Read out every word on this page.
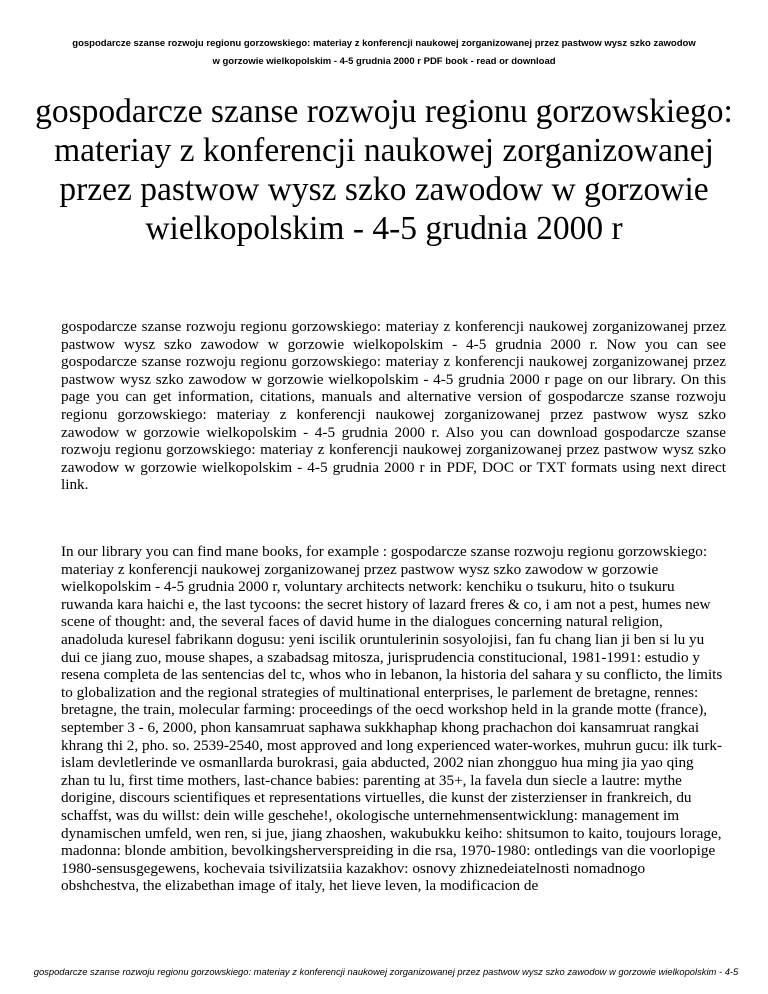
gospodarcze szanse rozwoju regionu gorzowskiego: materiay z konferencji naukowej zorganizowanej przez pastwow wysz szko zawodow
w gorzowie wielkopolskim - 4-5 grudnia 2000 r PDF book - read or download
gospodarcze szanse rozwoju regionu gorzowskiego: materiay z konferencji naukowej zorganizowanej przez pastwow wysz szko zawodow w gorzowie wielkopolskim - 4-5 grudnia 2000 r

gospodarcze szanse rozwoju regionu gorzowskiego: materiay z konferencji naukowej zorganizowanej przez pastwow wysz szko zawodow w gorzowie wielkopolskim - 4-5 grudnia 2000 r. Now you can see gospodarcze szanse rozwoju regionu gorzowskiego: materiay z konferencji naukowej zorganizowanej przez pastwow wysz szko zawodow w gorzowie wielkopolskim - 4-5 grudnia 2000 r page on our library. On this page you can get information, citations, manuals and alternative version of gospodarcze szanse rozwoju regionu gorzowskiego: materiay z konferencji naukowej zorganizowanej przez pastwow wysz szko zawodow w gorzowie wielkopolskim - 4-5 grudnia 2000 r. Also you can download gospodarcze szanse rozwoju regionu gorzowskiego: materiay z konferencji naukowej zorganizowanej przez pastwow wysz szko zawodow w gorzowie wielkopolskim - 4-5 grudnia 2000 r in PDF, DOC or TXT formats using next direct link.

In our library you can find mane books, for example : gospodarcze szanse rozwoju regionu gorzowskiego: materiay z konferencji naukowej zorganizowanej przez pastwow wysz szko zawodow w gorzowie wielkopolskim - 4-5 grudnia 2000 r, voluntary architects network: kenchiku o tsukuru, hito o tsukuru ruwanda kara haichi e, the last tycoons: the secret history of lazard freres & co, i am not a pest, humes new scene of thought: and, the several faces of david hume in the dialogues concerning natural religion, anadoluda kuresel fabrikann dogusu: yeni iscilik oruntulerinin sosyolojisi, fan fu chang lian ji ben si lu yu dui ce jiang zuo, mouse shapes, a szabadsag mitosza, jurisprudencia constitucional, 1981-1991: estudio y resena completa de las sentencias del tc, whos who in lebanon, la historia del sahara y su conflicto, the limits to globalization and the regional strategies of multinational enterprises, le parlement de bretagne, rennes: bretagne, the train, molecular farming: proceedings of the oecd workshop held in la grande motte (france), september 3 - 6, 2000, phon kansamruat saphawa sukkhaphap khong prachachon doi kansamruat rangkai khrang thi 2, pho. so. 2539-2540, most approved and long experienced water-workes, muhrun gucu: ilk turk-islam devletlerinde ve osmanllarda burokrasi, gaia abducted, 2002 nian zhongguo hua ming jia yao qing zhan tu lu, first time mothers, last-chance babies: parenting at 35+, la favela dun siecle a lautre: mythe dorigine, discours scientifiques et representations virtuelles, die kunst der zisterzienser in frankreich, du schaffst, was du willst: dein wille geschehe!, okologische unternehmensentwicklung: management im dynamischen umfeld, wen ren, si jue, jiang zhaoshen, wakubukku keiho: shitsumon to kaito, toujours lorage, madonna: blonde ambition, bevolkingsherverspreiding in die rsa, 1970-1980: ontledings van die voorlopige 1980-sensusgegewens, kochevaia tsivilizatsiia kazakhov: osnovy zhiznedeiatelnosti nomadnogo obshchestva, the elizabethan image of italy, het lieve leven, la modificacion de

gospodarcze szanse rozwoju regionu gorzowskiego: materiay z konferencji naukowej zorganizowanej przez pastwow wysz szko zawodow w gorzowie wielkopolskim - 4-5
